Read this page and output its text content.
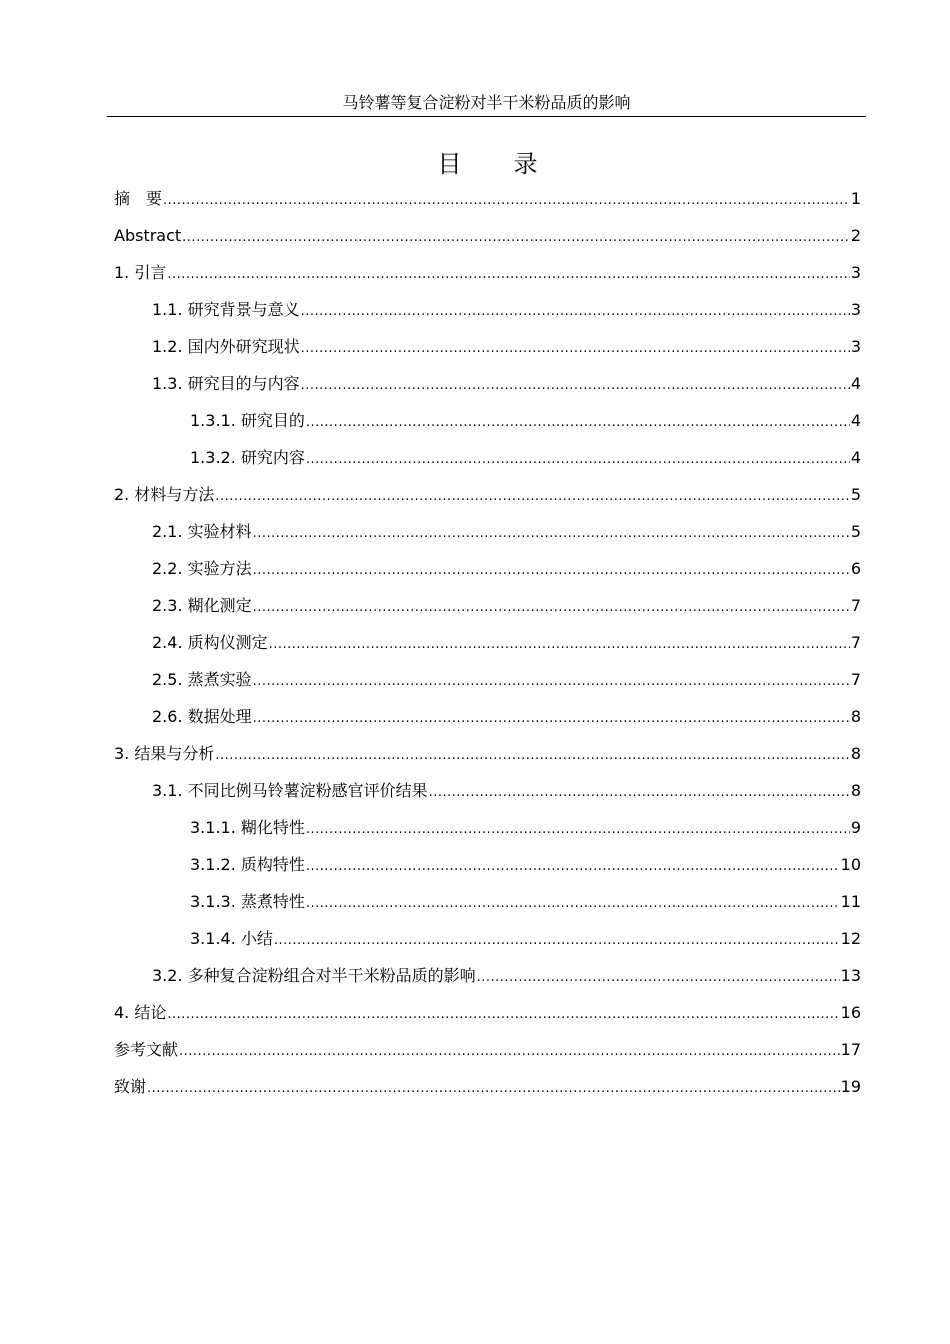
马铃薯等复合淀粉对半干米粉品质的影响
目 录
摘　要 .....	1
Abstract .....	2
1. 引言 .....	3
1.1. 研究背景与意义 .....	3
1.2. 国内外研究现状 .....	3
1.3. 研究目的与内容 .....	4
1.3.1. 研究目的 .....	4
1.3.2. 研究内容 .....	4
2. 材料与方法 .....	5
2.1. 实验材料 .....	5
2.2. 实验方法 .....	6
2.3. 糊化测定 .....	7
2.4. 质构仪测定 .....	7
2.5. 蒸煮实验 .....	7
2.6. 数据处理 .....	8
3. 结果与分析 .....	8
3.1. 不同比例马铃薯淀粉感官评价结果 .....	8
3.1.1. 糊化特性 .....	9
3.1.2. 质构特性 .....	10
3.1.3. 蒸煮特性 .....	11
3.1.4. 小结 .....	12
3.2. 多种复合淀粉组合对半干米粉品质的影响 .....	13
4. 结论 .....	16
参考文献 .....	17
致谢 .....	19
